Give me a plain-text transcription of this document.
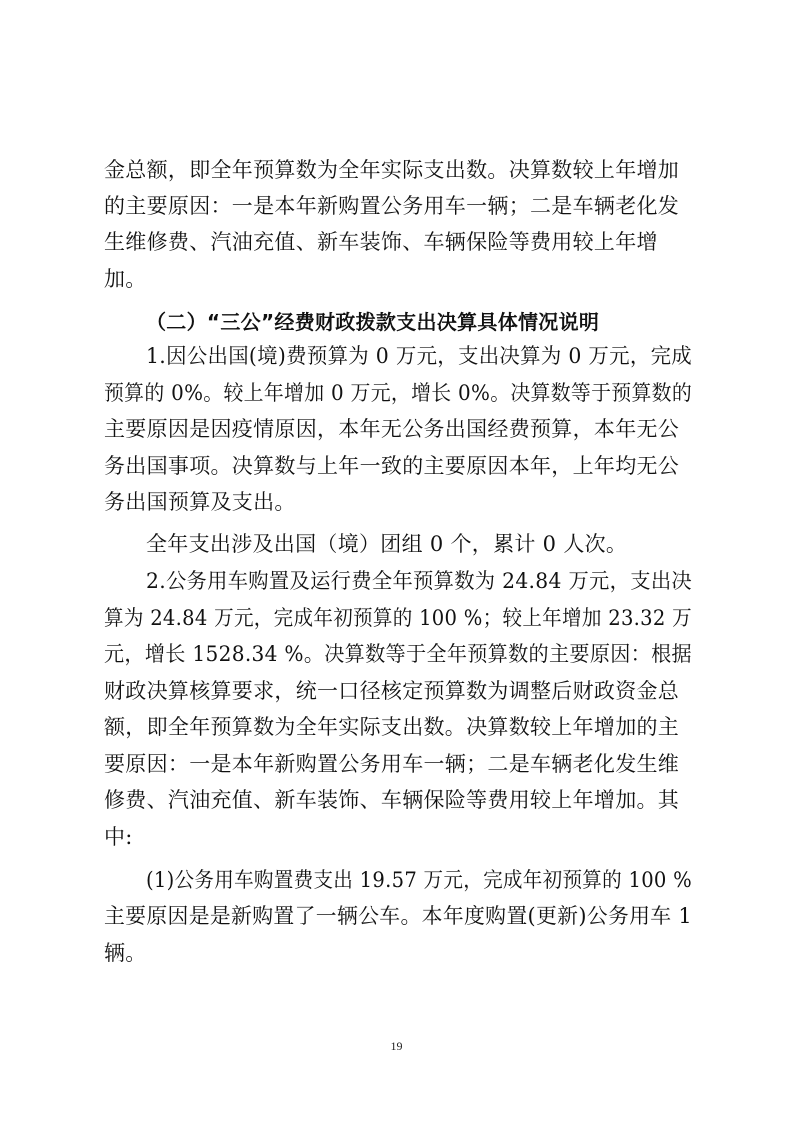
金总额，即全年预算数为全年实际支出数。决算数较上年增加
的主要原因：一是本年新购置公务用车一辆；二是车辆老化发
生维修费、汽油充值、新车装饰、车辆保险等费用较上年增
加。
（二）“三公”经费财政拨款支出决算具体情况说明
1.因公出国(境)费预算为 0 万元，支出决算为 0 万元，完成
预算的 0%。较上年增加 0 万元，增长 0%。决算数等于预算数的
主要原因是因疫情原因，本年无公务出国经费预算，本年无公
务出国事项。决算数与上年一致的主要原因本年，上年均无公
务出国预算及支出。
全年支出涉及出国（境）团组 0 个，累计 0 人次。
2.公务用车购置及运行费全年预算数为 24.84 万元，支出决
算为 24.84 万元，完成年初预算的 100 %；较上年增加 23.32 万
元，增长 1528.34 %。决算数等于全年预算数的主要原因：根据
财政决算核算要求，统一口径核定预算数为调整后财政资金总
额，即全年预算数为全年实际支出数。决算数较上年增加的主
要原因：一是本年新购置公务用车一辆；二是车辆老化发生维
修费、汽油充值、新车装饰、车辆保险等费用较上年增加。其
中:
(1)公务用车购置费支出 19.57 万元，完成年初预算的 100 %
主要原因是是新购置了一辆公车。本年度购置(更新)公务用车 1
辆。
19
